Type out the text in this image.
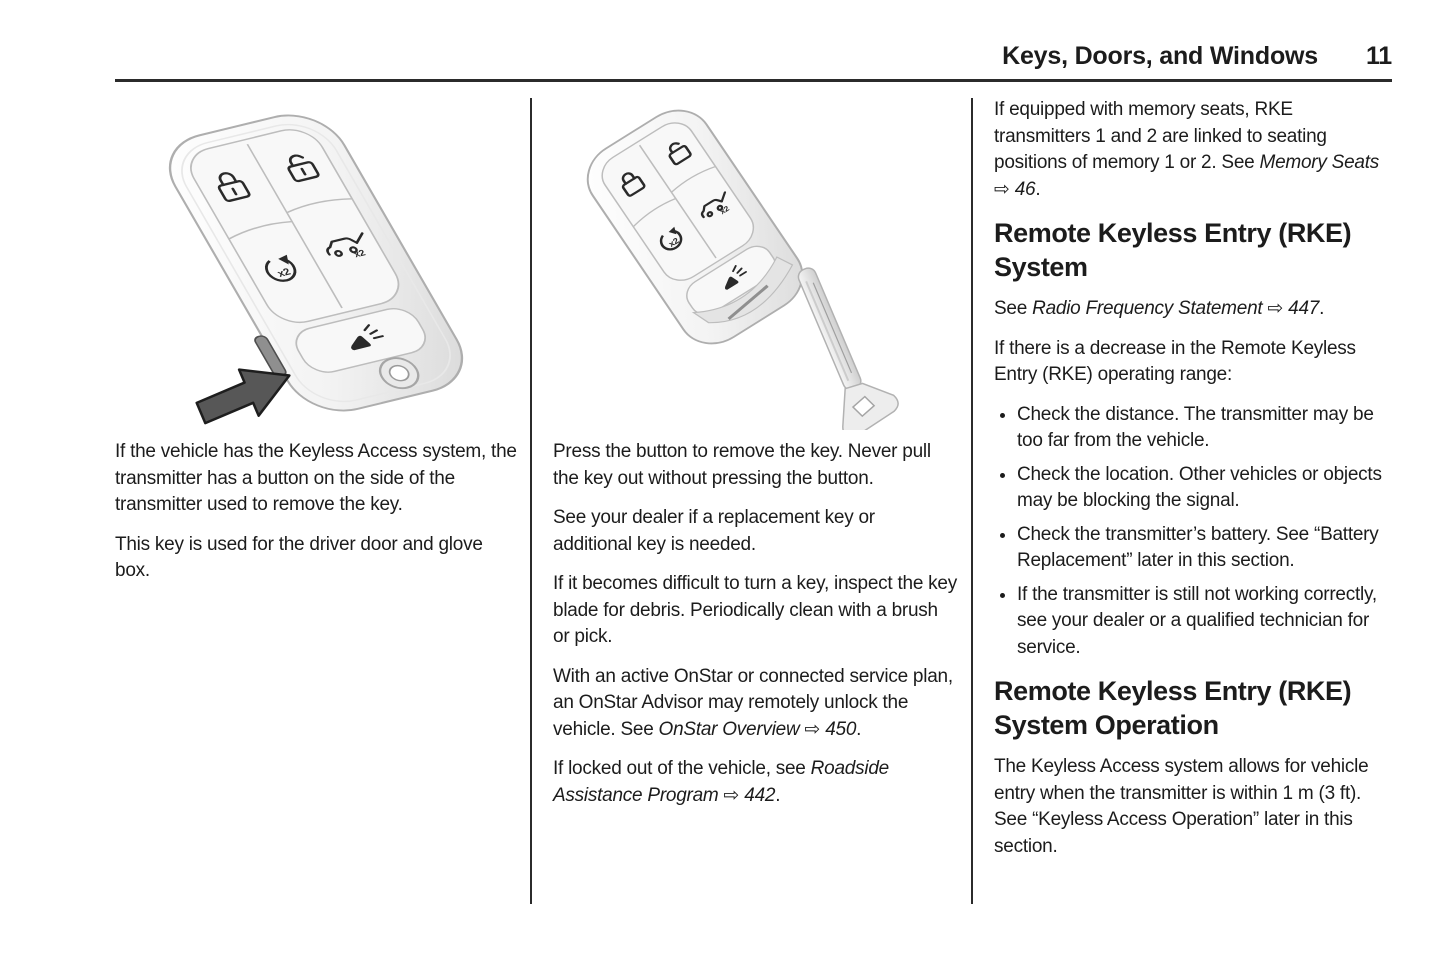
Keys, Doors, and Windows 11
x2
x2

If the vehicle has the Keyless Access system, the transmitter has a button on the side of the transmitter used to remove the key.

This key is used for the driver door and glove box.

x2
x2

Press the button to remove the key. Never pull the key out without pressing the button.

See your dealer if a replacement key or additional key is needed.

If it becomes difficult to turn a key, inspect the key blade for debris. Periodically clean with a brush or pick.

With an active OnStar or connected service plan, an OnStar Advisor may remotely unlock the vehicle. See OnStar Overview ⇨ 450.

If locked out of the vehicle, see Roadside Assistance Program ⇨ 442.

If equipped with memory seats, RKE transmitters 1 and 2 are linked to seating positions of memory 1 or 2. See Memory Seats ⇨ 46.

Remote Keyless Entry (RKE) System

See Radio Frequency Statement ⇨ 447.

If there is a decrease in the Remote Keyless Entry (RKE) operating range:

• Check the distance. The transmitter may be too far from the vehicle.
• Check the location. Other vehicles or objects may be blocking the signal.
• Check the transmitter’s battery. See “Battery Replacement” later in this section.
• If the transmitter is still not working correctly, see your dealer or a qualified technician for service.
Remote Keyless Entry (RKE) System Operation

The Keyless Access system allows for vehicle entry when the transmitter is within 1 m (3 ft). See “Keyless Access Operation” later in this section.
